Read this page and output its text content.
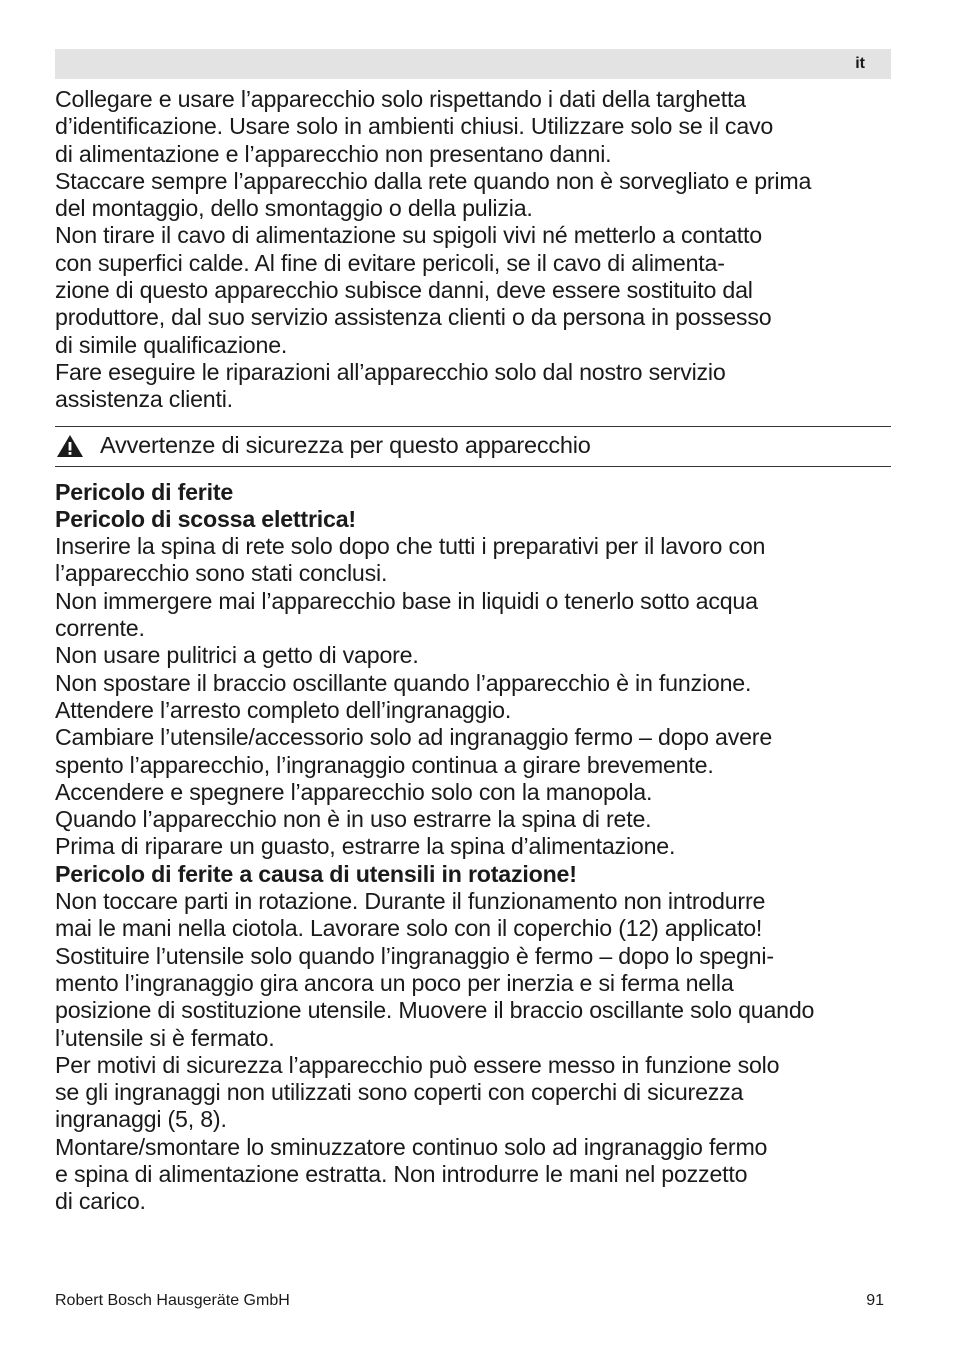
it

Collegare e usare l’apparecchio solo rispettando i dati della targhetta

d’identificazione. Usare solo in ambienti chiusi. Utilizzare solo se il cavo

di alimentazione e l’apparecchio non presentano danni.

Staccare sempre l’apparecchio dalla rete quando non è sorvegliato e prima

del montaggio, dello smontaggio o della pulizia.

Non tirare il cavo di alimentazione su spigoli vivi né metterlo a contatto

con superfici calde. Al fine di evitare pericoli, se il cavo di alimenta-

zione di questo apparecchio subisce danni, deve essere sostituito dal

produttore, dal suo servizio assistenza clienti o da persona in possesso

di simile qualificazione.

Fare eseguire le riparazioni all’apparecchio solo dal nostro servizio

assistenza clienti.

Avvertenze di sicurezza per questo apparecchio

Pericolo di ferite

Pericolo di scossa elettrica!

Inserire la spina di rete solo dopo che tutti i preparativi per il lavoro con

l’apparecchio sono stati conclusi.

Non immergere mai l’apparecchio base in liquidi o tenerlo sotto acqua

corrente.

Non usare pulitrici a getto di vapore.

Non spostare il braccio oscillante quando l’apparecchio è in funzione.

Attendere l’arresto completo dell’ingranaggio.

Cambiare l’utensile/accessorio solo ad ingranaggio fermo – dopo avere

spento l’apparecchio, l’ingranaggio continua a girare brevemente.

Accendere e spegnere l’apparecchio solo con la manopola.

Quando l’apparecchio non è in uso estrarre la spina di rete.

Prima di riparare un guasto, estrarre la spina d’alimentazione.

Pericolo di ferite a causa di utensili in rotazione!

Non toccare parti in rotazione. Durante il funzionamento non introdurre

mai le mani nella ciotola. Lavorare solo con il coperchio (12) applicato!

Sostituire l’utensile solo quando l’ingranaggio è fermo – dopo lo spegni-

mento l’ingranaggio gira ancora un poco per inerzia e si ferma nella

posizione di sostituzione utensile. Muovere il braccio oscillante solo quando

l’utensile si è fermato.

Per motivi di sicurezza l’apparecchio può essere messo in funzione solo

se gli ingranaggi non utilizzati sono coperti con coperchi di sicurezza

ingranaggi (5, 8).

Montare/smontare lo sminuzzatore continuo solo ad ingranaggio fermo

e spina di alimentazione estratta. Non introdurre le mani nel pozzetto

di carico.

Robert Bosch Hausgeräte GmbH	91
